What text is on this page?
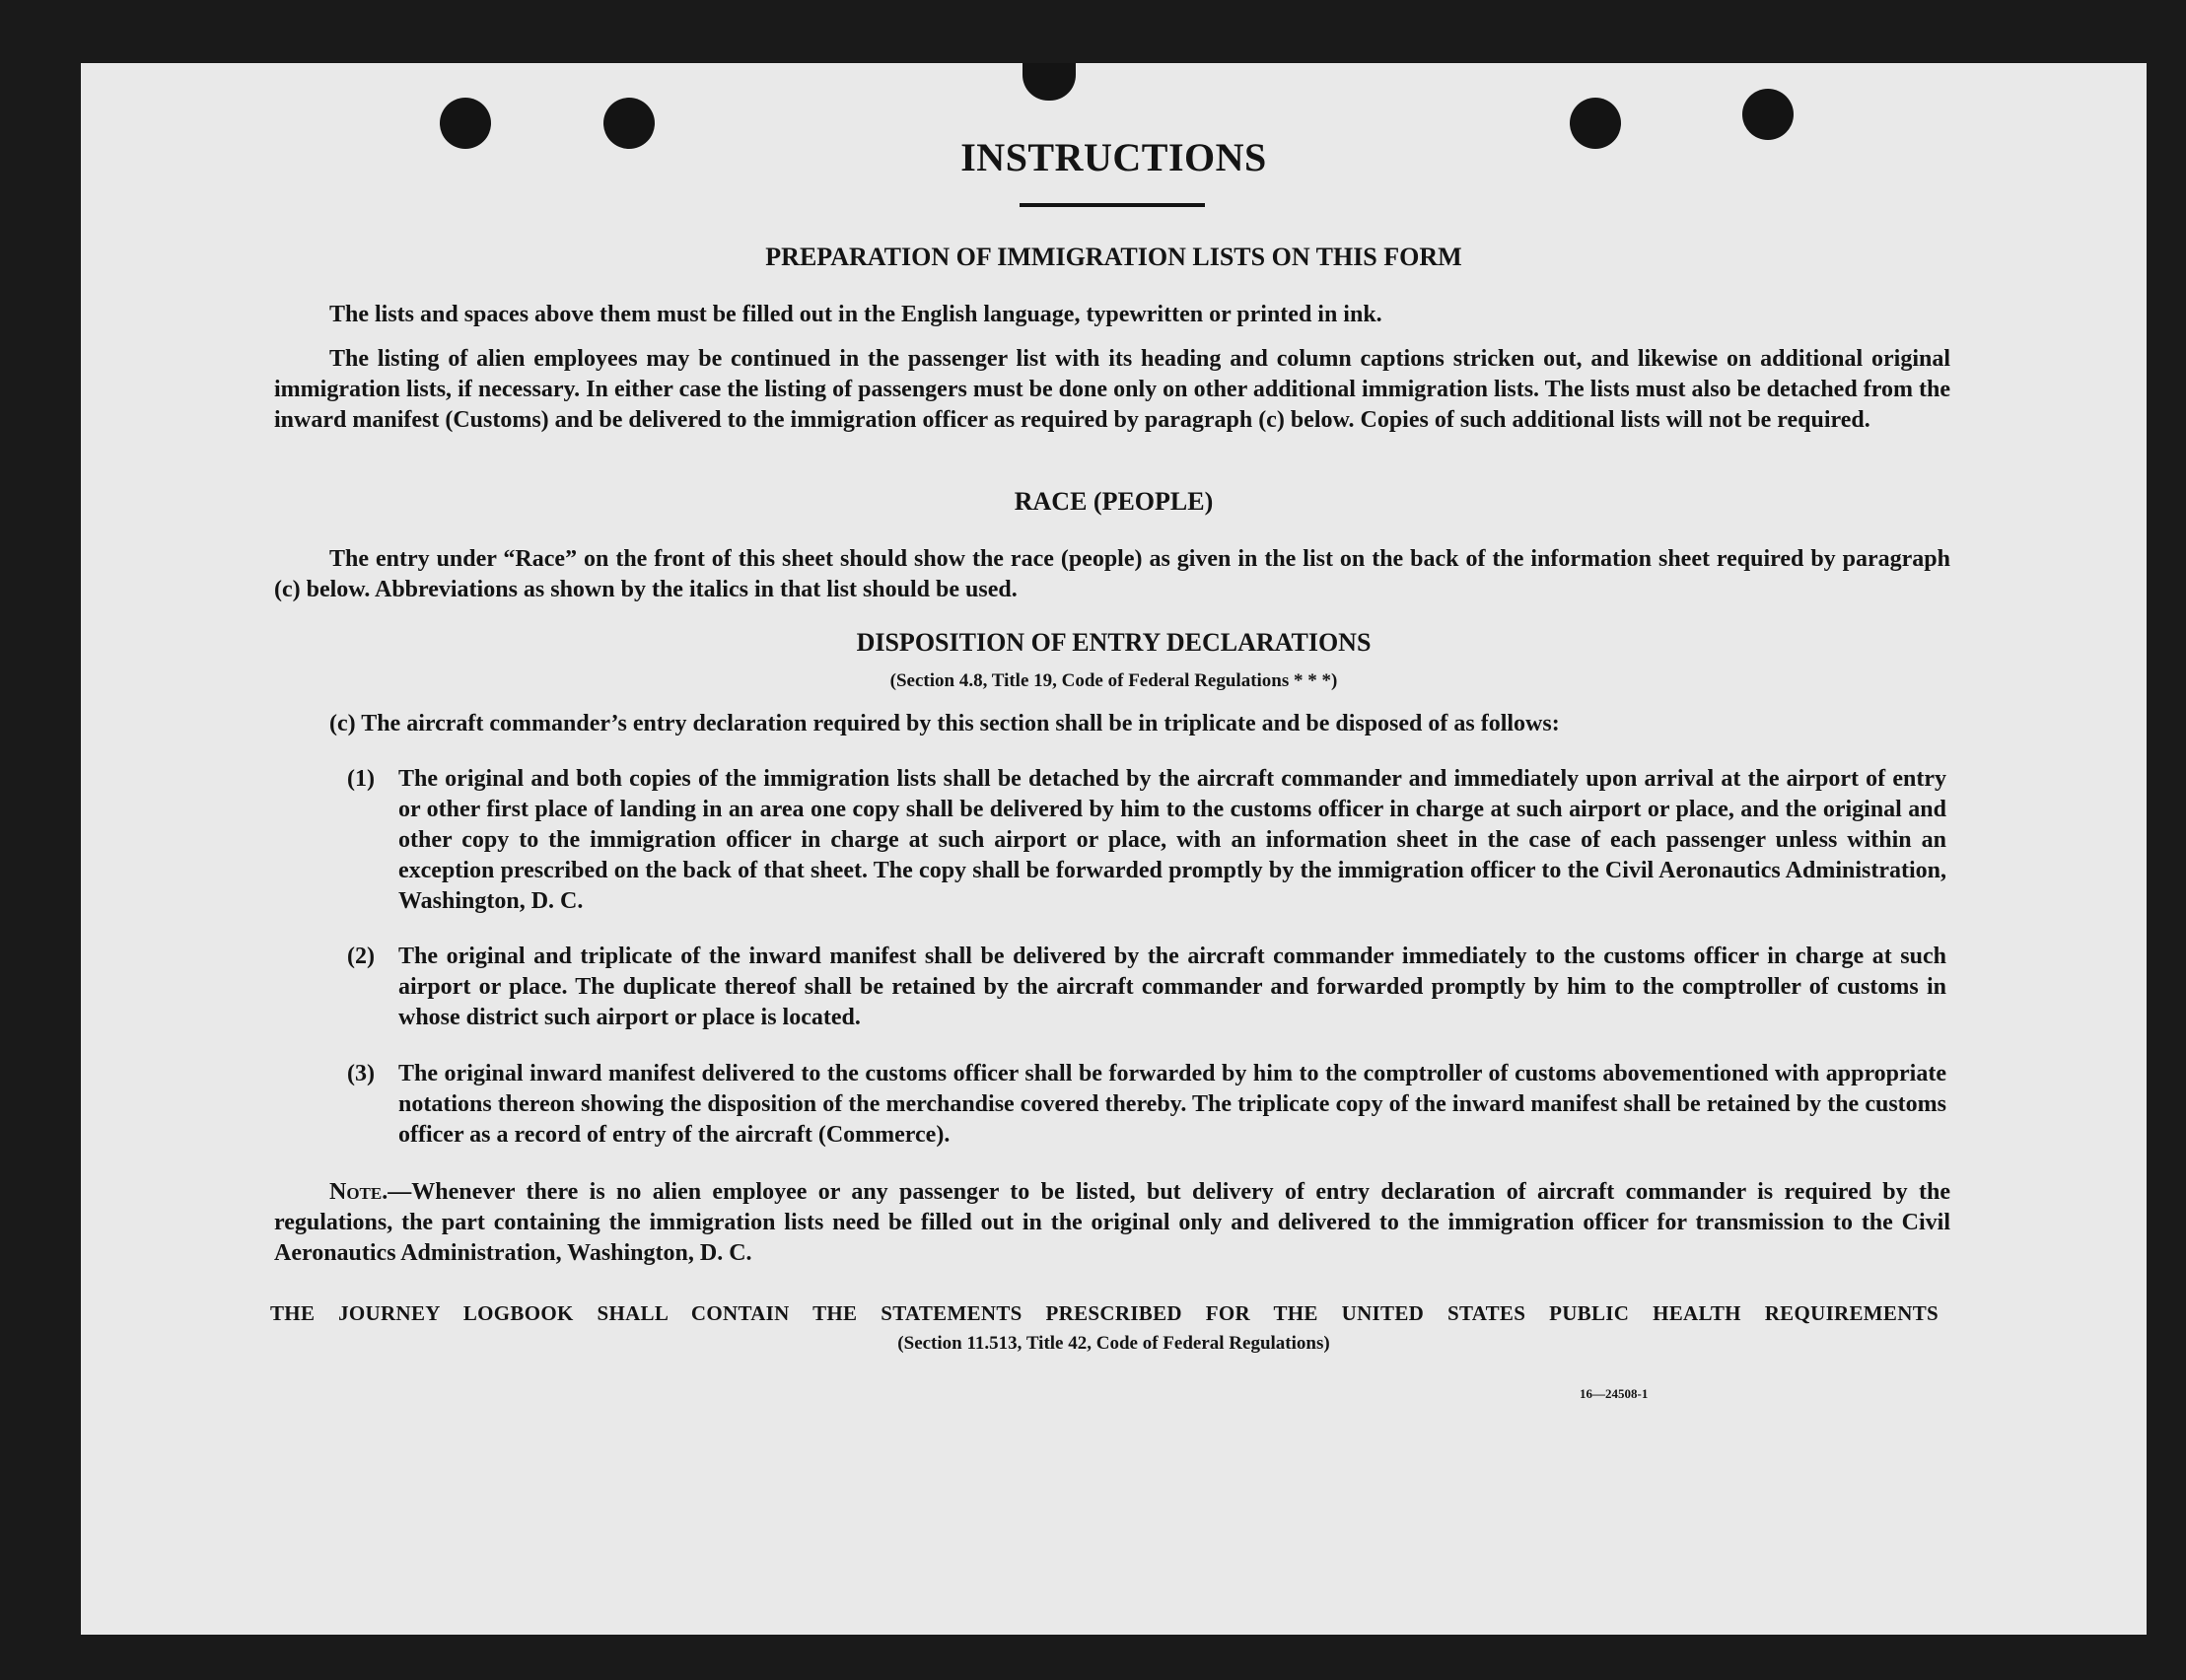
INSTRUCTIONS
PREPARATION OF IMMIGRATION LISTS ON THIS FORM
The lists and spaces above them must be filled out in the English language, typewritten or printed in ink.
The listing of alien employees may be continued in the passenger list with its heading and column captions stricken out, and likewise on additional original immigration lists, if necessary. In either case the listing of passengers must be done only on other additional immigration lists. The lists must also be detached from the inward manifest (Customs) and be delivered to the immigration officer as required by paragraph (c) below. Copies of such additional lists will not be required.
RACE (PEOPLE)
The entry under “Race” on the front of this sheet should show the race (people) as given in the list on the back of the information sheet required by paragraph (c) below. Abbreviations as shown by the italics in that list should be used.
DISPOSITION OF ENTRY DECLARATIONS
(Section 4.8, Title 19, Code of Federal Regulations * * *)
(c) The aircraft commander’s entry declaration required by this section shall be in triplicate and be disposed of as follows:
(1) The original and both copies of the immigration lists shall be detached by the aircraft commander and immediately upon arrival at the airport of entry or other first place of landing in an area one copy shall be delivered by him to the customs officer in charge at such airport or place, and the original and other copy to the immigration officer in charge at such airport or place, with an information sheet in the case of each passenger unless within an exception prescribed on the back of that sheet. The copy shall be forwarded promptly by the immigration officer to the Civil Aeronautics Administration, Washington, D. C.
(2) The original and triplicate of the inward manifest shall be delivered by the aircraft commander immediately to the customs officer in charge at such airport or place. The duplicate thereof shall be retained by the aircraft commander and forwarded promptly by him to the comptroller of customs in whose district such airport or place is located.
(3) The original inward manifest delivered to the customs officer shall be forwarded by him to the comptroller of customs abovementioned with appropriate notations thereon showing the disposition of the merchandise covered thereby. The triplicate copy of the inward manifest shall be retained by the customs officer as a record of entry of the aircraft (Commerce).
Note.—Whenever there is no alien employee or any passenger to be listed, but delivery of entry declaration of aircraft commander is required by the regulations, the part containing the immigration lists need be filled out in the original only and delivered to the immigration officer for transmission to the Civil Aeronautics Administration, Washington, D. C.
THE JOURNEY LOGBOOK SHALL CONTAIN THE STATEMENTS PRESCRIBED FOR THE UNITED STATES PUBLIC HEALTH REQUIREMENTS
(Section 11.513, Title 42, Code of Federal Regulations)
16—24508-1
